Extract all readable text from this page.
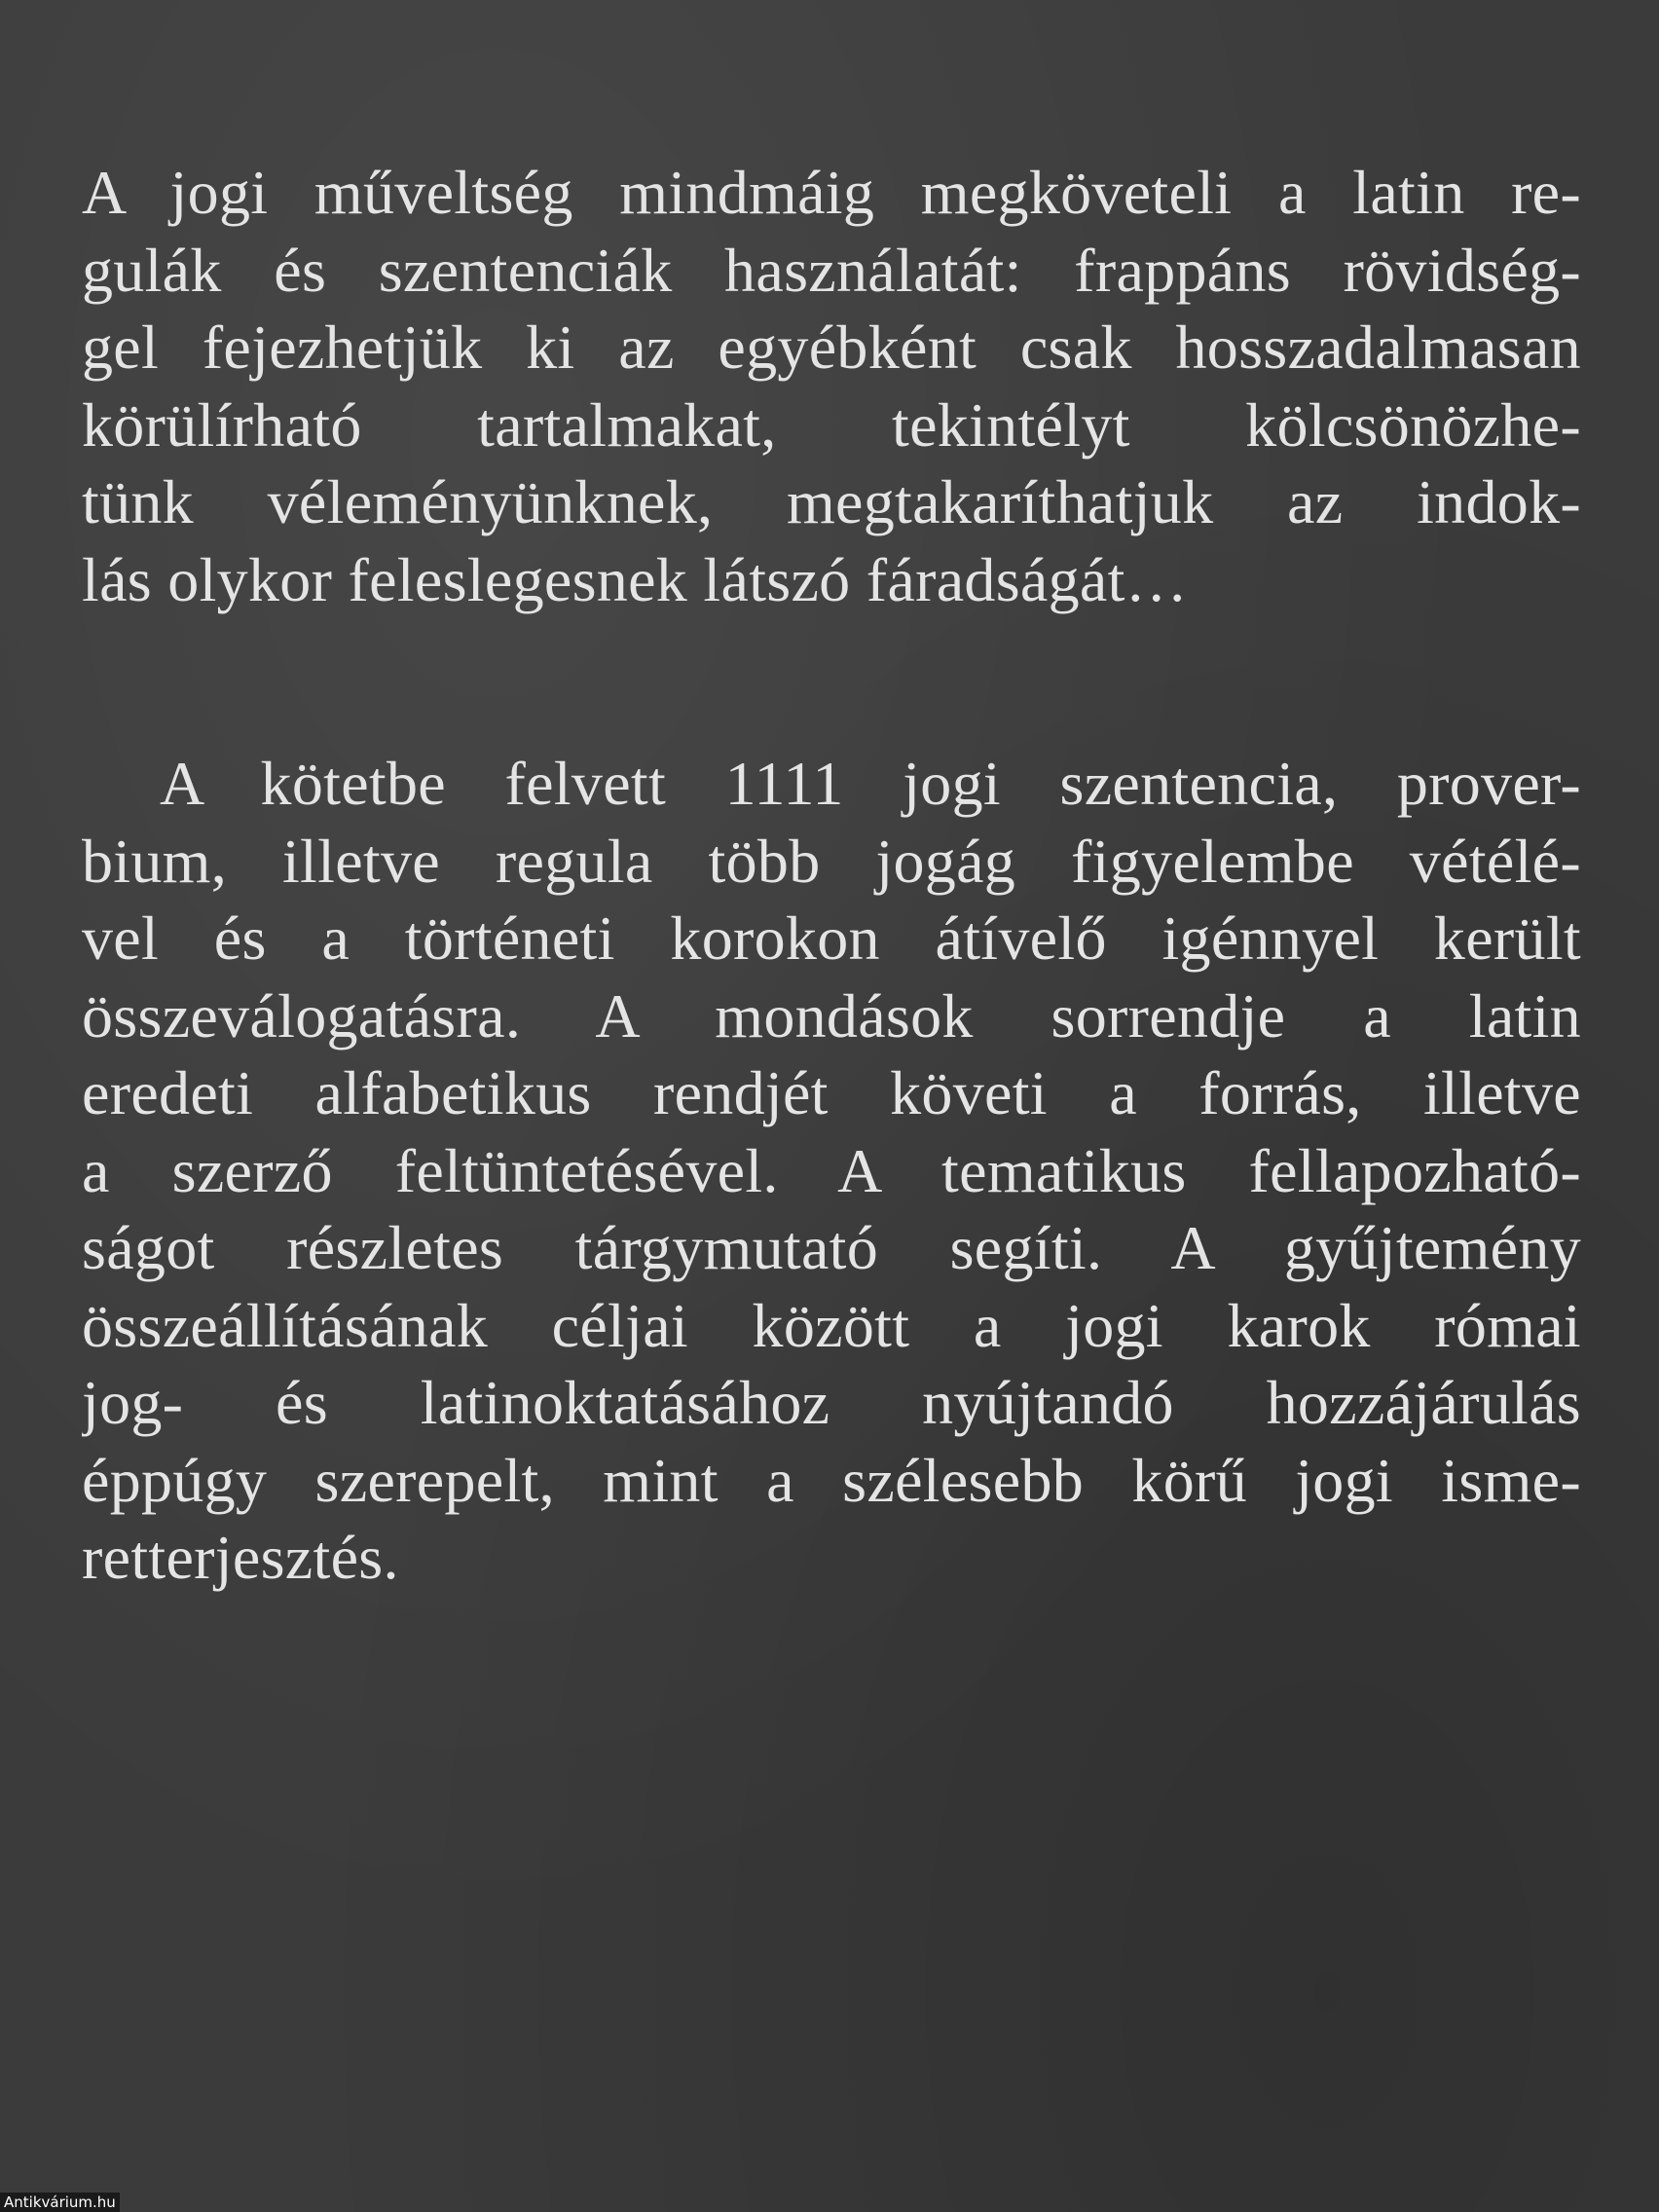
A jogi műveltség mindmáig megköveteli a latin re-
gulák és szentenciák használatát: frappáns rövidség-
gel fejezhetjük ki az egyébként csak hosszadalmasan
körülírható tartalmakat, tekintélyt kölcsönözhe-
tünk véleményünknek, megtakaríthatjuk az indok-
lás olykor feleslegesnek látszó fáradságát…
A kötetbe felvett 1111 jogi szentencia, prover-
bium, illetve regula több jogág figyelembe vétélé-
vel és a történeti korokon átívelő igénnyel került
összeválogatásra. A mondások sorrendje a latin
eredeti alfabetikus rendjét követi a forrás, illetve
a szerző feltüntetésével. A tematikus fellapozható-
ságot részletes tárgymutató segíti. A gyűjtemény
összeállításának céljai között a jogi karok római
jog- és latinoktatásához nyújtandó hozzájárulás
éppúgy szerepelt, mint a szélesebb körű jogi isme-
retterjesztés.
Antikvárium.hu
